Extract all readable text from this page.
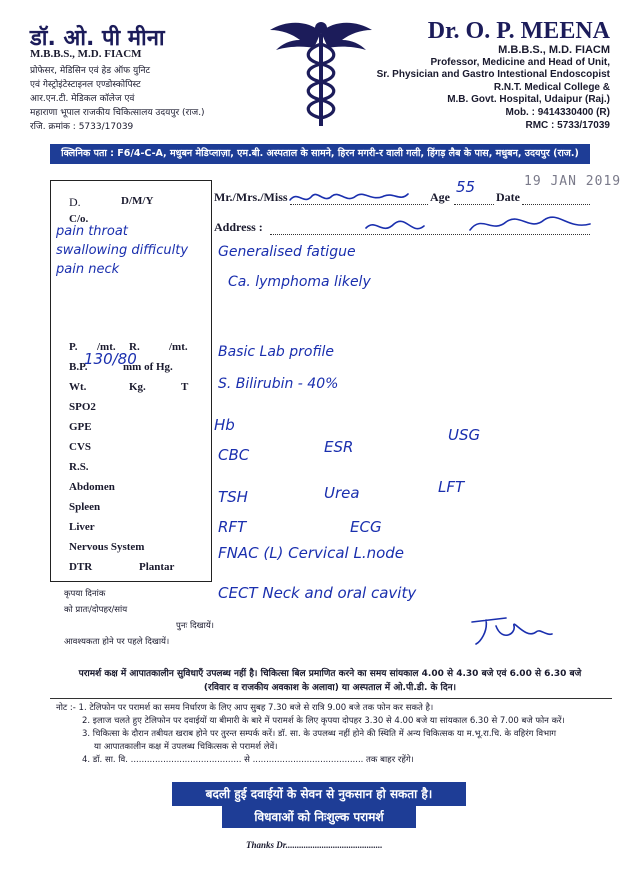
डॉ. ओ. पी मीना
M.B.B.S., M.D. FIACM
प्रोफेसर, मेडिसिन एवं हेड ऑफ युनिट
एवं गेस्ट्रोइंटेस्टाइनल एण्डोस्कोपिस्ट
आर.एन.टी. मेडिकल कॉलेज एवं
महाराणा भूपाल राजकीय चिकित्सालय उदयपुर (राज.)
रजि. क्रमांक : 5733/17039
Dr. O. P. MEENA
M.B.B.S., M.D. FIACM
Professor, Medicine and Head of Unit,
Sr. Physician and Gastro Intestional Endoscopist
R.N.T. Medical College &
M.B. Govt. Hospital, Udaipur (Raj.)
Mob. : 9414330400 (R)
RMC : 5733/17039
क्लिनिक पता : F6/4-C-A, मधुबन मेडिप्लाज़ा, एम.बी. अस्पताल के सामने, हिरन मगरी-र वाली गली, हिंगड़ लैब के पास, मधुबन, उदयपुर (राज.)
D.	D/M/Y
C/o.
P. /mt. R.	/mt.
B.P.	mm of Hg.
Wt.	Kg.	T
SPO2
GPE
CVS
R.S.
Abdomen
Spleen
Liver
Nervous System
DTR	Plantar
कृपया दिनांक
को प्रातः/दोपहर/सांय
पुनः दिखायें।
आवश्यकता होने पर पहले दिखायें।
Mr./Mrs./Miss	Age	Date
Address :
19 JAN 2019
55
130/80
pain throat
swallowing difficulty
pain neck
Generalised fatigue
Ca. lymphoma likely
Basic Lab profile
S. Bilirubin - 40%
Hb
USG
CBC	ESR
TSH	Urea	LFT
RFT	ECG
FNAC (L) Cervical L.node
CECT Neck and oral cavity
परामर्श कक्ष में आपातकालीन सुविधाएँ उपलब्ध नहीं है। चिकित्सा बिल प्रमाणित करने का समय सांयकाल 4.00 से 4.30 बजे एवं 6.00 से 6.30 बजे
(रविवार व राजकीय अवकाश के अलावा) या अस्पताल में ओ.पी.डी. के दिन।
नोट :- 1. टेलिफोन पर परामर्श का समय निर्धारण के लिए आप सुबह 7.30 बजे से रात्रि 9.00 बजे तक फोन कर सकते है।
2. इलाज चलते हुए टेलिफोन पर दवाईयों या बीमारी के बारे में परामर्श के लिए कृपया दोपहर 3.30 से 4.00 बजे या सांयकाल 6.30 से 7.00 बजे फोन करें।
3. चिकित्सा के दौरान तबीयत खराब होने पर तुरन्त सम्पर्क करें। डॉ. सा. के उपलब्ध नहीं होने की स्थिति में अन्य चिकित्सक या म.भू.रा.चि. के वहिरंग विभाग
या आपातकालीन कक्ष में उपलब्ध चिकित्सक से परामर्श लेवें।
4. डॉ. सा. वि. ......................................... से ......................................... तक बाहर रहेंगे।
बदली हुई दवाईयों के सेवन से नुकसान हो सकता है।
विधवाओं को निःशुल्क परामर्श
Thanks Dr...........................................
